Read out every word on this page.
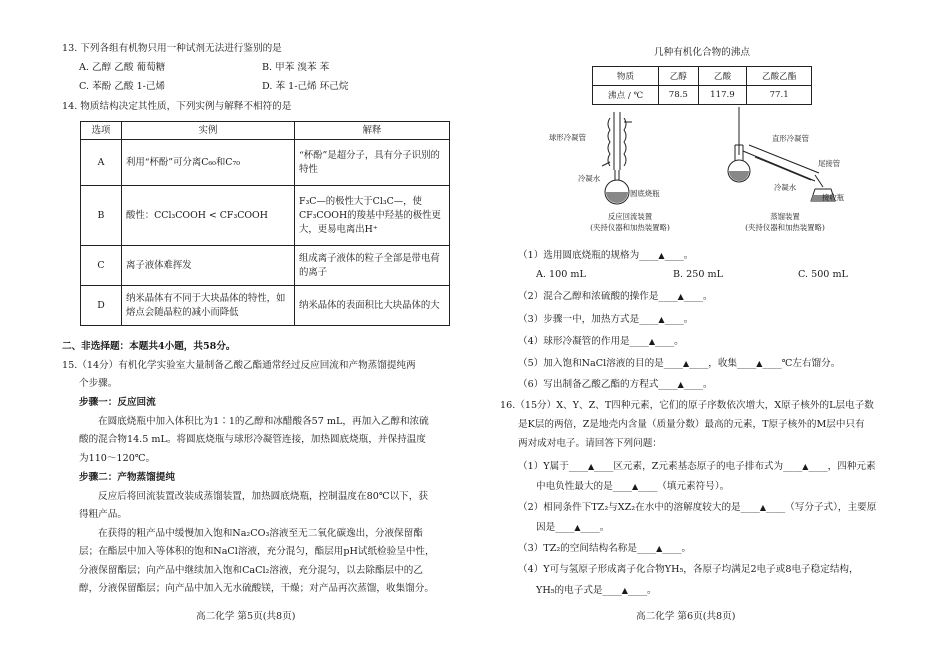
13. 下列各组有机物只用一种试剂无法进行鉴别的是
A. 乙醇 乙酸 葡萄糖	B. 甲苯 溴苯 苯
C. 苯酚 乙酸 1-己烯	D. 苯 1-己烯 环己烷
14. 物质结构决定其性质，下列实例与解释不相符的是
选项	实例	解释
A	利用“杯酚”可分离C₆₀和C₇₀	“杯酚”是超分子，具有分子识别的特性
B	酸性：CCl₃COOH < CF₃COOH	F₃C—的极性大于Cl₃C—，使CF₃COOH的羧基中羟基的极性更大，更易电离出H⁺
C	离子液体难挥发	组成离子液体的粒子全部是带电荷的离子
D	纳米晶体有不同于大块晶体的特性，如熔点会随晶粒的减小而降低	纳米晶体的表面积比大块晶体的大
二、非选择题：本题共4小题，共58分。
15.（14分）有机化学实验室大量制备乙酸乙酯通常经过反应回流和产物蒸馏提纯两
个步骤。
步骤一：反应回流
在圆底烧瓶中加入体积比为1∶1的乙醇和冰醋酸各57 mL，再加入乙醇和浓硫
酸的混合物14.5 mL。将圆底烧瓶与球形冷凝管连接，加热圆底烧瓶，并保持温度
为110～120℃。
步骤二：产物蒸馏提纯
反应后将回流装置改装成蒸馏装置，加热圆底烧瓶，控制温度在80℃以下，获
得粗产品。
在获得的粗产品中缓慢加入饱和Na₂CO₃溶液至无二氧化碳逸出，分液保留酯
层；在酯层中加入等体积的饱和NaCl溶液，充分混匀，酯层用pH试纸检验呈中性，
分液保留酯层；向产品中继续加入饱和CaCl₂溶液，充分混匀，以去除酯层中的乙
醇，分液保留酯层；向产品中加入无水硫酸镁，干燥；对产品再次蒸馏，收集馏分。
高二化学 第5页(共8页)
几种有机化合物的沸点
物质	乙醇	乙酸	乙酸乙酯
沸点 / ℃	78.5	117.9	77.1
球形冷凝管
冷凝水
圆底烧瓶
反应回流装置
(夹持仪器和加热装置略)
直形冷凝管
尾接管
冷凝水
接收瓶
蒸馏装置
(夹持仪器和加热装置略)
（1）选用圆底烧瓶的规格为____▲____。
A. 100 mL	B. 250 mL	C. 500 mL
（2）混合乙醇和浓硫酸的操作是____▲____。
（3）步骤一中，加热方式是____▲____。
（4）球形冷凝管的作用是____▲____。
（5）加入饱和NaCl溶液的目的是____▲____，收集____▲____℃左右馏分。
（6）写出制备乙酸乙酯的方程式____▲____。
16.（15分）X、Y、Z、T四种元素，它们的原子序数依次增大，X原子核外的L层电子数
是K层的两倍，Z是地壳内含量（质量分数）最高的元素，T原子核外的M层中只有
两对成对电子。请回答下列问题：
（1）Y属于____▲____区元素，Z元素基态原子的电子排布式为____▲____，四种元素
中电负性最大的是____▲____（填元素符号）。
（2）相同条件下TZ₂与XZ₂在水中的溶解度较大的是____▲____（写分子式），主要原
因是____▲____。
（3）TZ₂的空间结构名称是____▲____。
（4）Y可与氢原子形成离子化合物YH₅，各原子均满足2电子或8电子稳定结构，
YH₅的电子式是____▲____。
高二化学 第6页(共8页)
